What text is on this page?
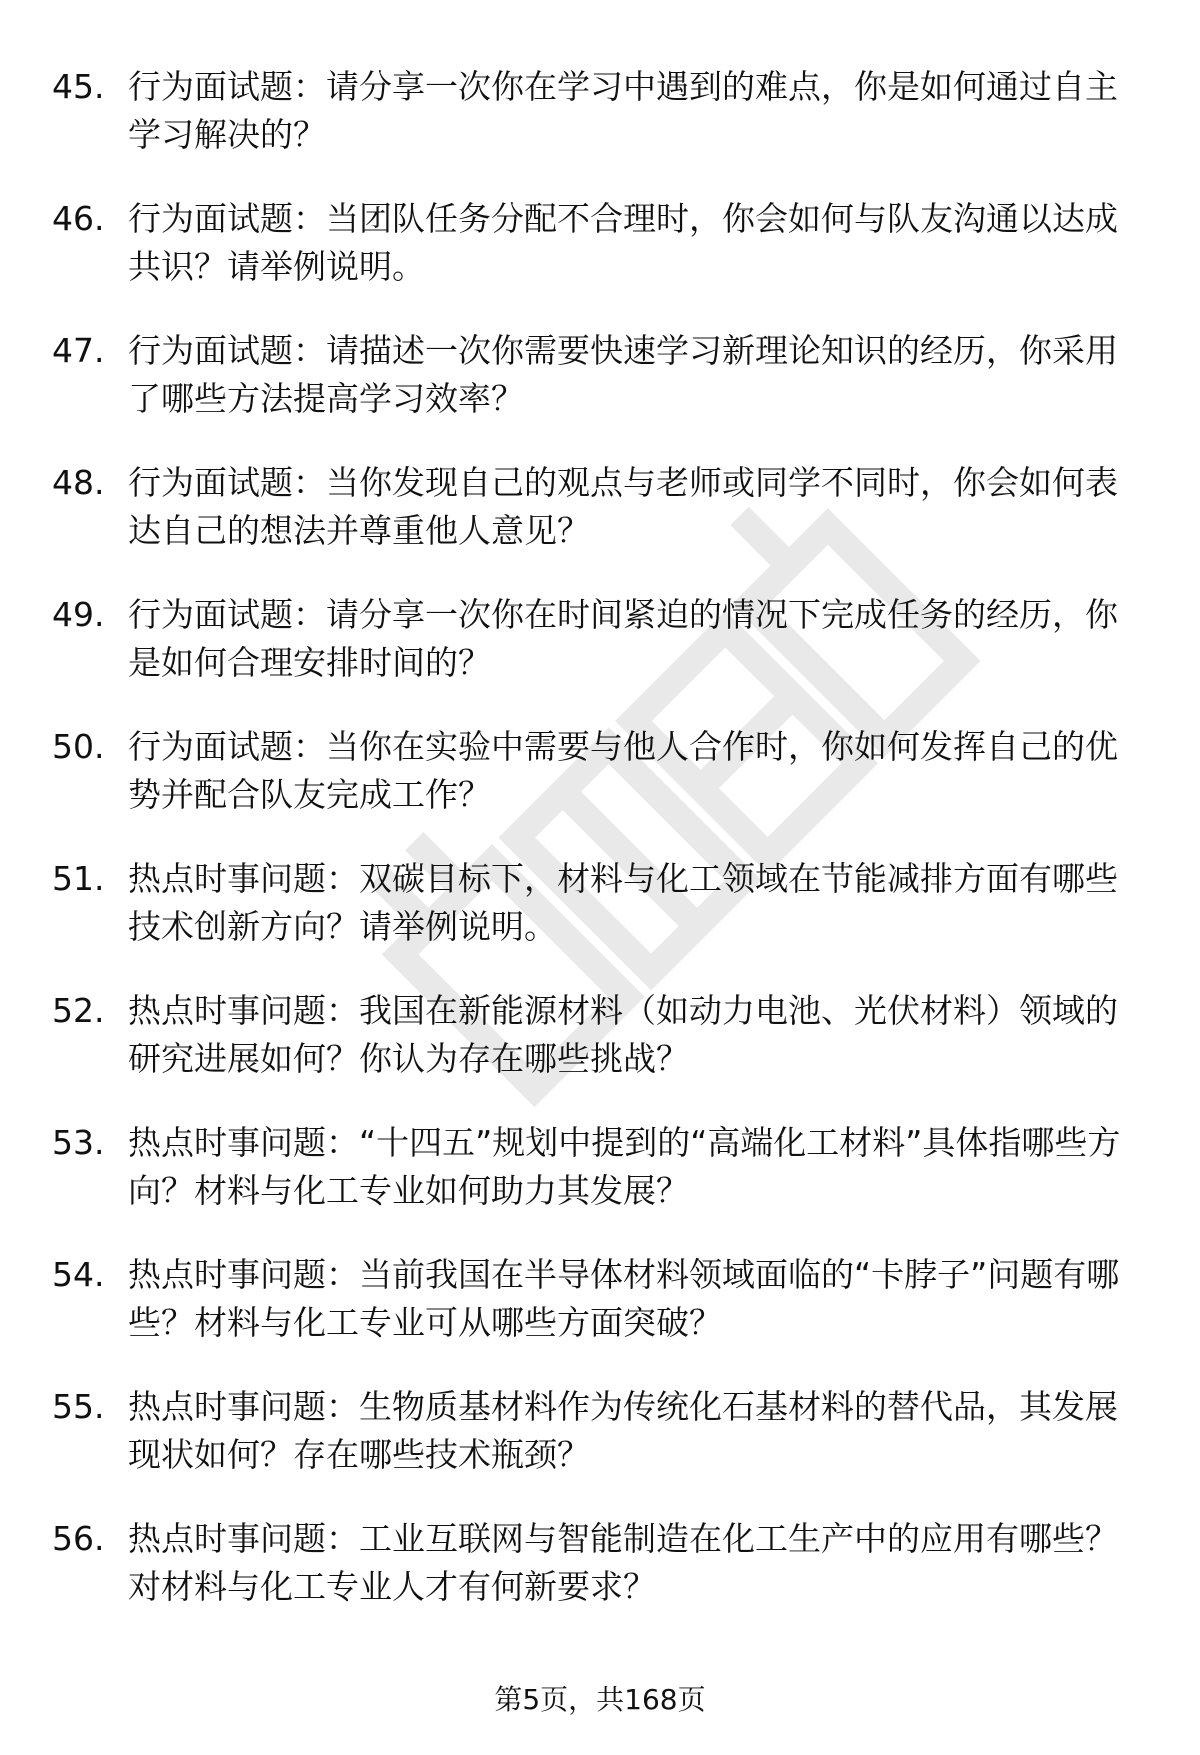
45. 行为面试题：请分享一次你在学习中遇到的难点，你是如何通过自主学习解决的？
46. 行为面试题：当团队任务分配不合理时，你会如何与队友沟通以达成共识？请举例说明。
47. 行为面试题：请描述一次你需要快速学习新理论知识的经历，你采用了哪些方法提高学习效率？
48. 行为面试题：当你发现自己的观点与老师或同学不同时，你会如何表达自己的想法并尊重他人意见？
49. 行为面试题：请分享一次你在时间紧迫的情况下完成任务的经历，你是如何合理安排时间的？
50. 行为面试题：当你在实验中需要与他人合作时，你如何发挥自己的优势并配合队友完成工作？
51. 热点时事问题：双碳目标下，材料与化工领域在节能减排方面有哪些技术创新方向？请举例说明。
52. 热点时事问题：我国在新能源材料（如动力电池、光伏材料）领域的研究进展如何？你认为存在哪些挑战？
53. 热点时事问题：“十四五”规划中提到的“高端化工材料”具体指哪些方向？材料与化工专业如何助力其发展？
54. 热点时事问题：当前我国在半导体材料领域面临的“卡脖子”问题有哪些？材料与化工专业可从哪些方面突破？
55. 热点时事问题：生物质基材料作为传统化石基材料的替代品，其发展现状如何？存在哪些技术瓶颈？
56. 热点时事问题：工业互联网与智能制造在化工生产中的应用有哪些？对材料与化工专业人才有何新要求？
第5页，共168页
